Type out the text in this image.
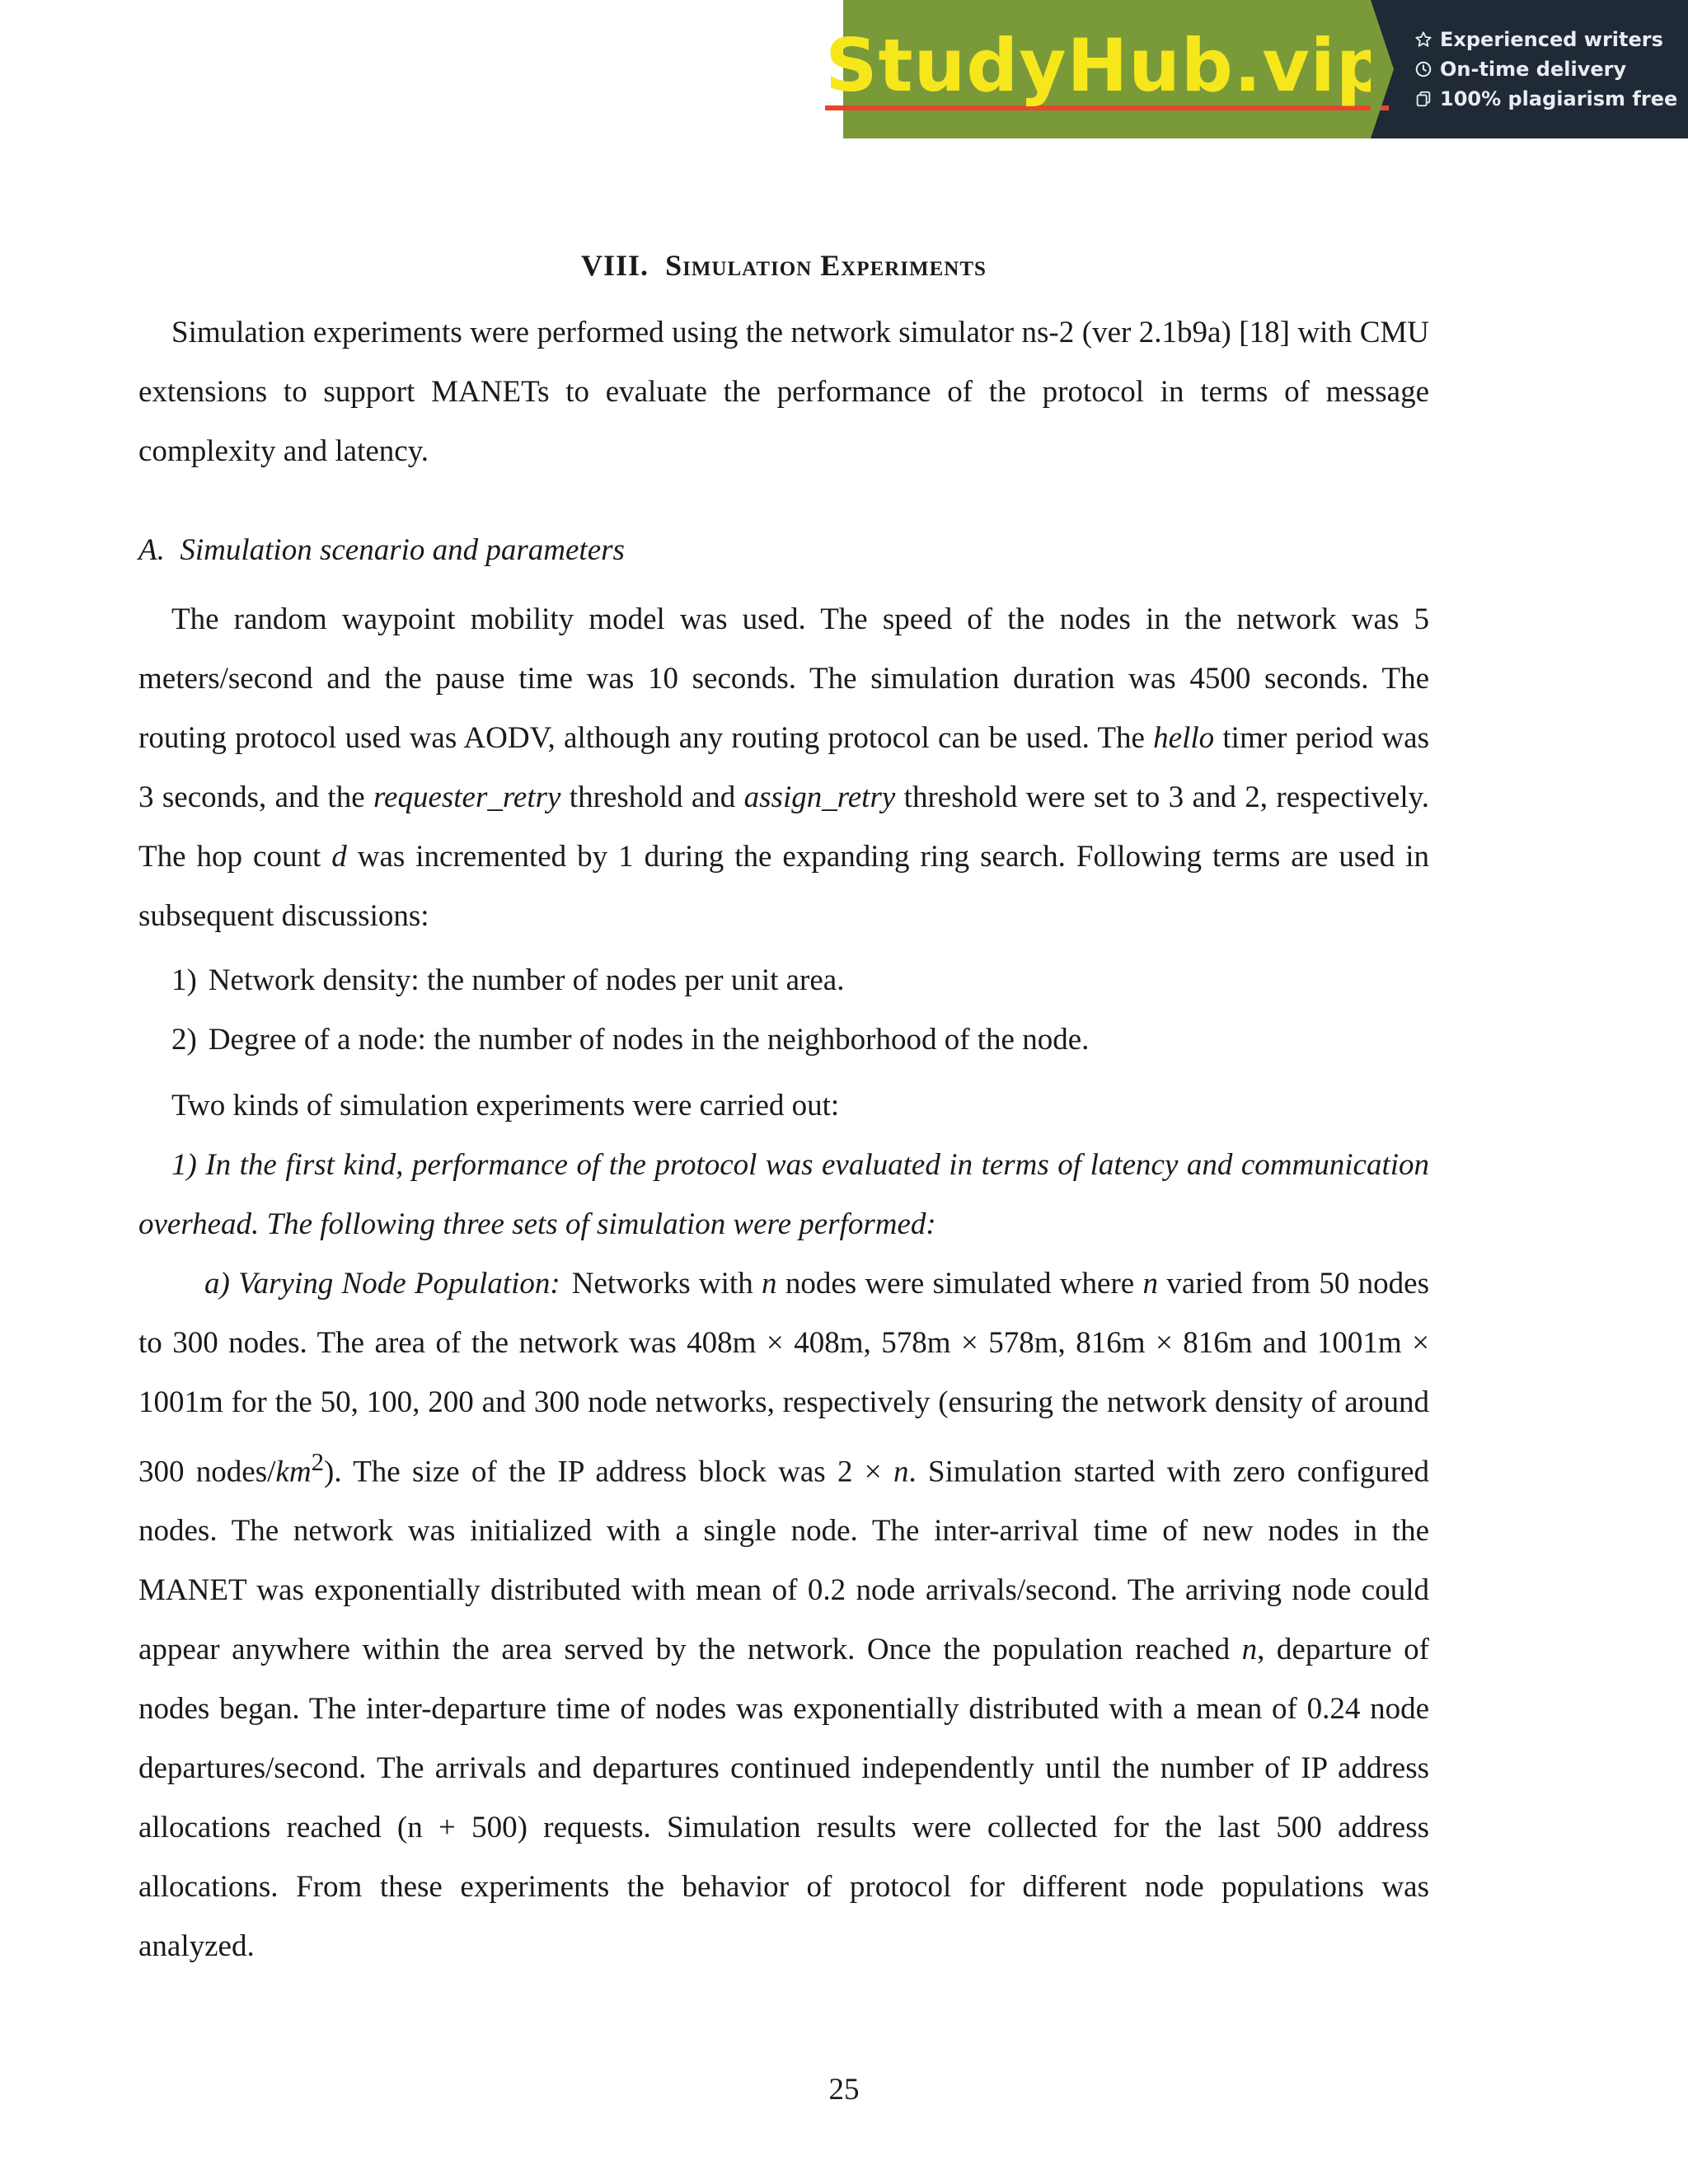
StudyHub.vip	Experienced writers
On-time delivery
100% plagiarism free
VIII. Simulation Experiments

Simulation experiments were performed using the network simulator ns-2 (ver 2.1b9a) [18] with CMU extensions to support MANETs to evaluate the performance of the protocol in terms of message complexity and latency.

A. Simulation scenario and parameters

The random waypoint mobility model was used. The speed of the nodes in the network was 5 meters/second and the pause time was 10 seconds. The simulation duration was 4500 seconds. The routing protocol used was AODV, although any routing protocol can be used. The hello timer period was 3 seconds, and the requester_retry threshold and assign_retry threshold were set to 3 and 2, respectively. The hop count d was incremented by 1 during the expanding ring search. Following terms are used in subsequent discussions:

1) Network density: the number of nodes per unit area.
2) Degree of a node: the number of nodes in the neighborhood of the node.

Two kinds of simulation experiments were carried out:

1) In the first kind, performance of the protocol was evaluated in terms of latency and communication overhead. The following three sets of simulation were performed:

a) Varying Node Population: Networks with n nodes were simulated where n varied from 50 nodes to 300 nodes. The area of the network was 408m × 408m, 578m × 578m, 816m × 816m and 1001m × 1001m for the 50, 100, 200 and 300 node networks, respectively (ensuring the network density of around 300 nodes/$km^2$). The size of the IP address block was 2 × n. Simulation started with zero configured nodes. The network was initialized with a single node. The inter-arrival time of new nodes in the MANET was exponentially distributed with mean of 0.2 node arrivals/second. The arriving node could appear anywhere within the area served by the network. Once the population reached n, departure of nodes began. The inter-departure time of nodes was exponentially distributed with a mean of 0.24 node departures/second. The arrivals and departures continued independently until the number of IP address allocations reached (n + 500) requests. Simulation results were collected for the last 500 address allocations. From these experiments the behavior of protocol for different node populations was analyzed.

25
